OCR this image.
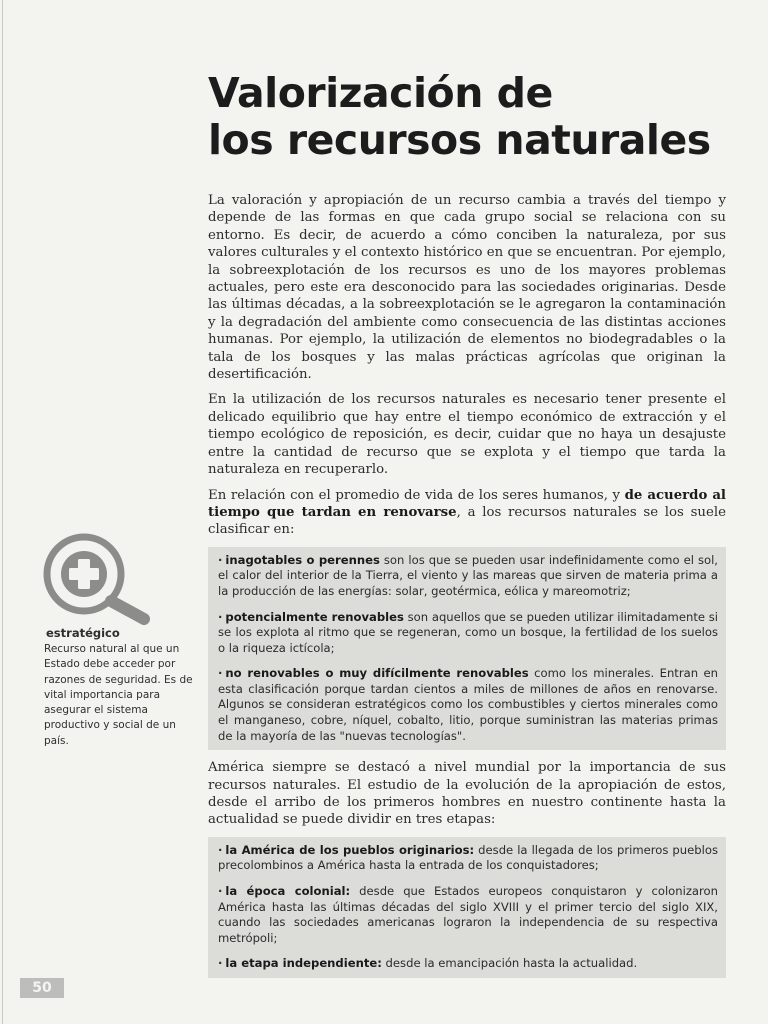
Valorización de
los recursos naturales

La valoración y apropiación de un recurso cambia a través del tiempo y depende de las formas en que cada grupo social se relaciona con su entorno. Es decir, de acuerdo a cómo conciben la naturaleza, por sus valores culturales y el contexto histórico en que se encuentran. Por ejemplo, la sobreexplotación de los recursos es uno de los mayores problemas actuales, pero este era desconocido para las sociedades originarias. Desde las últimas décadas, a la sobreexplotación se le agregaron la contaminación y la degradación del ambiente como consecuencia de las distintas acciones humanas. Por ejemplo, la utilización de elementos no biodegradables o la tala de los bosques y las malas prácticas agrícolas que originan la desertificación.

En la utilización de los recursos naturales es necesario tener presente el delicado equilibrio que hay entre el tiempo económico de extracción y el tiempo ecológico de reposición, es decir, cuidar que no haya un desajuste entre la cantidad de recurso que se explota y el tiempo que tarda la naturaleza en recuperarlo.

En relación con el promedio de vida de los seres humanos, y de acuerdo al tiempo que tardan en renovarse, a los recursos naturales se los suele clasificar en:

· inagotables o perennes son los que se pueden usar indefinidamente como el sol, el calor del interior de la Tierra, el viento y las mareas que sirven de materia prima a la producción de las energías: solar, geotérmica, eólica y mareomotriz;

· potencialmente renovables son aquellos que se pueden utilizar ilimitadamente si se los explota al ritmo que se regeneran, como un bosque, la fertilidad de los suelos o la riqueza ictícola;

· no renovables o muy difícilmente renovables como los minerales. Entran en esta clasificación porque tardan cientos a miles de millones de años en renovarse. Algunos se consideran estratégicos como los combustibles y ciertos minerales como el manganeso, cobre, níquel, cobalto, litio, porque suministran las materias primas de la mayoría de las "nuevas tecnologías".

América siempre se destacó a nivel mundial por la importancia de sus recursos naturales. El estudio de la evolución de la apropiación de estos, desde el arribo de los primeros hombres en nuestro continente hasta la actualidad se puede dividir en tres etapas:

· la América de los pueblos originarios: desde la llegada de los primeros pueblos precolombinos a América hasta la entrada de los conquistadores;

· la época colonial: desde que Estados europeos conquistaron y colonizaron América hasta las últimas décadas del siglo XVIII y el primer tercio del siglo XIX, cuando las sociedades americanas lograron la independencia de su respectiva metrópoli;

· la etapa independiente: desde la emancipación hasta la actualidad.

estratégico

Recurso natural al que un Estado debe acceder por razones de seguridad. Es de vital importancia para asegurar el sistema productivo y social de un país.

50
